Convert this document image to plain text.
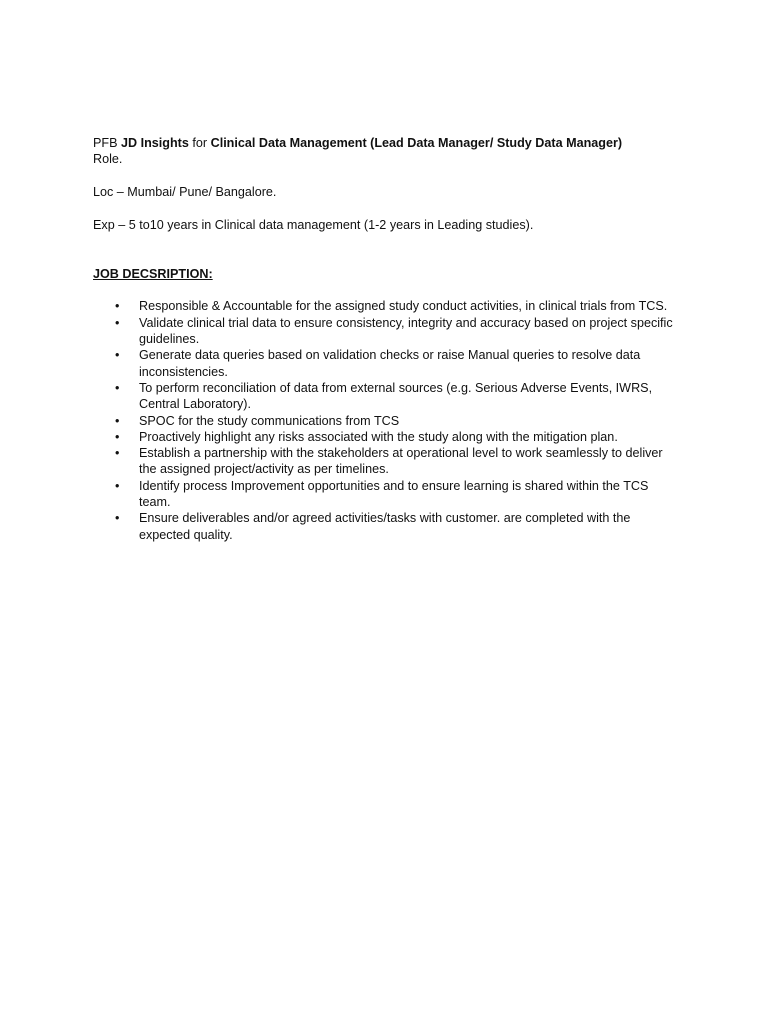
PFB JD Insights for Clinical Data Management (Lead Data Manager/ Study Data Manager)
Role.

Loc – Mumbai/ Pune/ Bangalore.

Exp – 5 to10 years in Clinical data management (1-2 years in Leading studies).

JOB DECSRIPTION:

• Responsible & Accountable for the assigned study conduct activities, in clinical trials from TCS.
• Validate clinical trial data to ensure consistency, integrity and accuracy based on project specific guidelines.
• Generate data queries based on validation checks or raise Manual queries to resolve data inconsistencies.
• To perform reconciliation of data from external sources (e.g. Serious Adverse Events, IWRS, Central Laboratory).
• SPOC for the study communications from TCS
• Proactively highlight any risks associated with the study along with the mitigation plan.
• Establish a partnership with the stakeholders at operational level to work seamlessly to deliver the assigned project/activity as per timelines.
• Identify process Improvement opportunities and to ensure learning is shared within the TCS team.
• Ensure deliverables and/or agreed activities/tasks with customer. are completed with the expected quality.
